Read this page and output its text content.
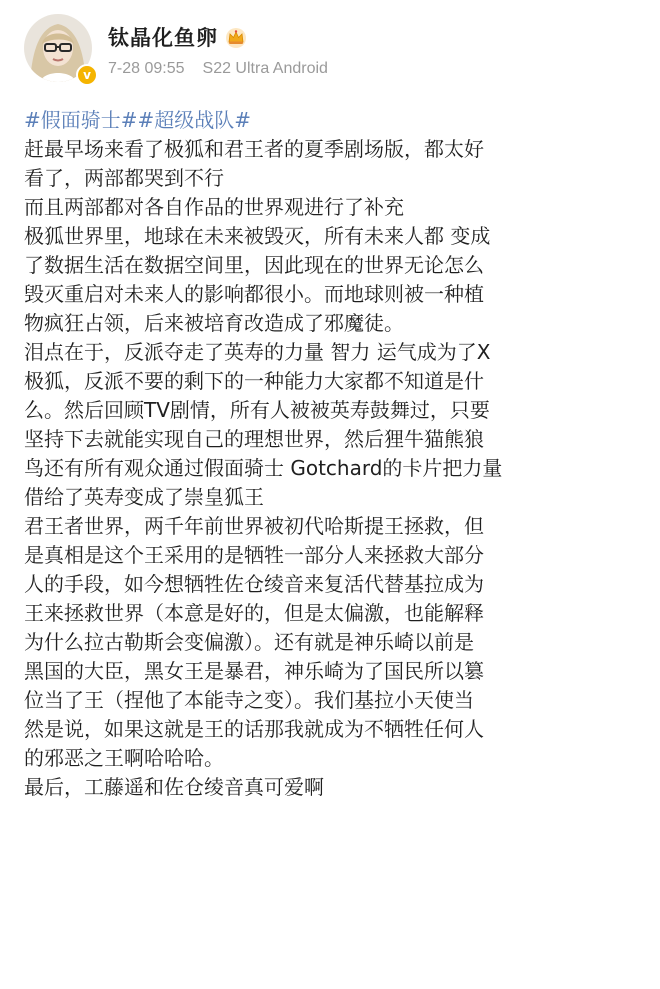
v
钛晶化鱼卵
7-28 09:55 S22 Ultra Android
#假面骑士##超级战队#
赶最早场来看了极狐和君王者的夏季剧场版，都太好
看了，两部都哭到不行
而且两部都对各自作品的世界观进行了补充
极狐世界里，地球在未来被毁灭，所有未来人都 变成
了数据生活在数据空间里，因此现在的世界无论怎么
毁灭重启对未来人的影响都很小。而地球则被一种植
物疯狂占领，后来被培育改造成了邪魔徒。
泪点在于，反派夺走了英寿的力量 智力 运气成为了X
极狐，反派不要的剩下的一种能力大家都不知道是什
么。然后回顾TV剧情，所有人被被英寿鼓舞过，只要
坚持下去就能实现自己的理想世界，然后狸牛猫熊狼
鸟还有所有观众通过假面骑士 Gotchard的卡片把力量
借给了英寿变成了崇皇狐王
君王者世界，两千年前世界被初代哈斯提王拯救，但
是真相是这个王采用的是牺牲一部分人来拯救大部分
人的手段，如今想牺牲佐仓绫音来复活代替基拉成为
王来拯救世界（本意是好的，但是太偏激，也能解释
为什么拉古勒斯会变偏激）。还有就是神乐崎以前是
黑国的大臣，黑女王是暴君，神乐崎为了国民所以篡
位当了王（捏他了本能寺之变）。我们基拉小天使当
然是说，如果这就是王的话那我就成为不牺牲任何人
的邪恶之王啊哈哈哈。
最后，工藤遥和佐仓绫音真可爱啊
